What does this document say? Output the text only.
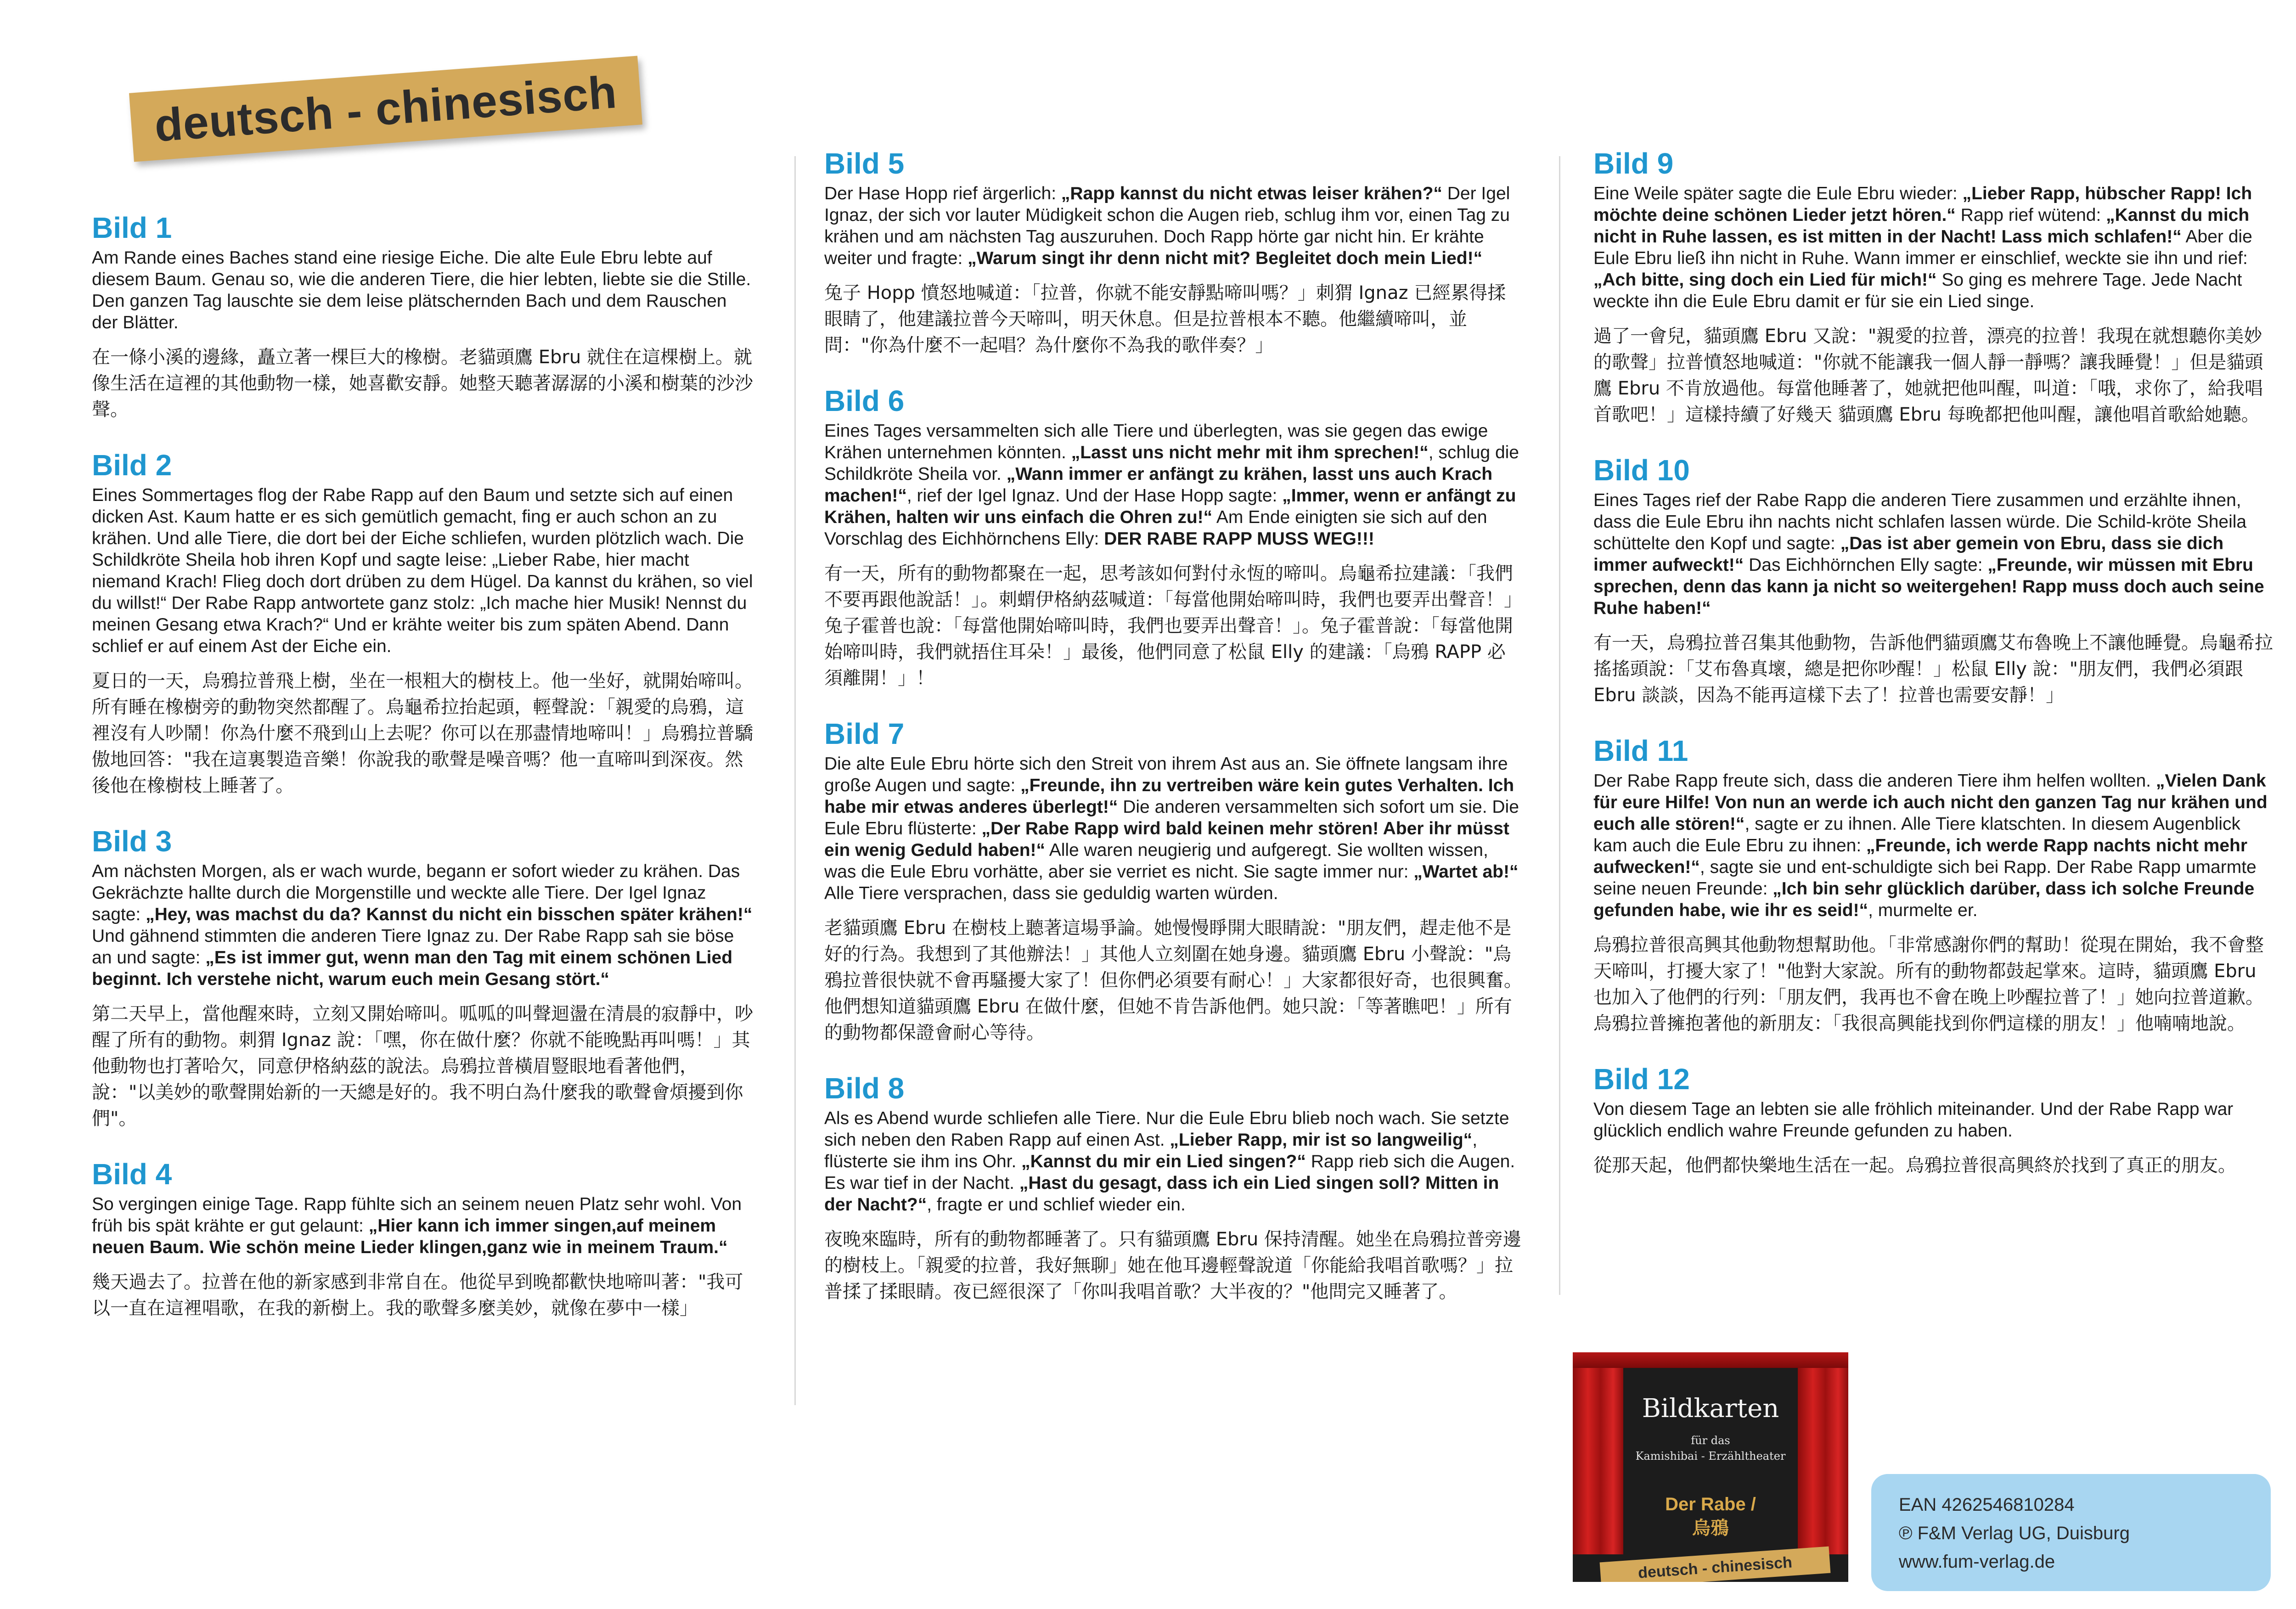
deutsch - chinesisch
Bild 1

Am Rande eines Baches stand eine riesige Eiche. Die alte Eule Ebru lebte auf diesem Baum. Genau so, wie die anderen Tiere, die hier lebten, liebte sie die Stille. Den ganzen Tag lauschte sie dem leise plätschernden Bach und dem Rauschen der Blätter.

在一條小溪的邊緣，矗立著一棵巨大的橡樹。老貓頭鷹 Ebru 就住在這棵樹上。就像生活在這裡的其他動物一樣，她喜歡安靜。她整天聽著潺潺的小溪和樹葉的沙沙聲。

Bild 2

Eines Sommertages flog der Rabe Rapp auf den Baum und setzte sich auf einen dicken Ast. Kaum hatte er es sich gemütlich gemacht, fing er auch schon an zu krähen. Und alle Tiere, die dort bei der Eiche schliefen, wurden plötzlich wach. Die Schildkröte Sheila hob ihren Kopf und sagte leise: „Lieber Rabe, hier macht niemand Krach! Flieg doch dort drüben zu dem Hügel. Da kannst du krähen, so viel du willst!“ Der Rabe Rapp antwortete ganz stolz: „Ich mache hier Musik! Nennst du meinen Gesang etwa Krach?“ Und er krähte weiter bis zum späten Abend. Dann schlief er auf einem Ast der Eiche ein.

夏日的一天，烏鴉拉普飛上樹，坐在一根粗大的樹枝上。他一坐好，就開始啼叫。所有睡在橡樹旁的動物突然都醒了。烏龜希拉抬起頭，輕聲說：「親愛的烏鴉，這裡沒有人吵鬧！你為什麼不飛到山上去呢？你可以在那盡情地啼叫！」烏鴉拉普驕傲地回答："我在這裏製造音樂！你說我的歌聲是噪音嗎？他一直啼叫到深夜。然後他在橡樹枝上睡著了。

Bild 3

Am nächsten Morgen, als er wach wurde, begann er sofort wieder zu krähen. Das Gekrächzte hallte durch die Morgenstille und weckte alle Tiere. Der Igel Ignaz sagte: „Hey, was machst du da? Kannst du nicht ein bisschen später krähen!“ Und gähnend stimmten die anderen Tiere Ignaz zu. Der Rabe Rapp sah sie böse an und sagte: „Es ist immer gut, wenn man den Tag mit einem schönen Lied beginnt. Ich verstehe nicht, warum euch mein Gesang stört.“

第二天早上，當他醒來時，立刻又開始啼叫。呱呱的叫聲迴盪在清晨的寂靜中，吵醒了所有的動物。刺猬 Ignaz 說：「嘿，你在做什麼？你就不能晚點再叫嗎！」其他動物也打著哈欠，同意伊格納茲的說法。烏鴉拉普橫眉豎眼地看著他們，說："以美妙的歌聲開始新的一天總是好的。我不明白為什麼我的歌聲會煩擾到你們"。

Bild 4

So vergingen einige Tage. Rapp fühlte sich an seinem neuen Platz sehr wohl. Von früh bis spät krähte er gut gelaunt: „Hier kann ich immer singen,auf meinem neuen Baum. Wie schön meine Lieder klingen,ganz wie in meinem Traum.“

幾天過去了。拉普在他的新家感到非常自在。他從早到晚都歡快地啼叫著："我可以一直在這裡唱歌，在我的新樹上。我的歌聲多麼美妙，就像在夢中一樣」

Bild 5

Der Hase Hopp rief ärgerlich: „Rapp kannst du nicht etwas leiser krähen?“ Der Igel Ignaz, der sich vor lauter Müdigkeit schon die Augen rieb, schlug ihm vor, einen Tag zu krähen und am nächsten Tag auszuruhen. Doch Rapp hörte gar nicht hin. Er krähte weiter und fragte: „Warum singt ihr denn nicht mit? Begleitet doch mein Lied!“

兔子 Hopp 憤怒地喊道：「拉普，你就不能安靜點啼叫嗎？」刺猬 Ignaz 已經累得揉眼睛了，他建議拉普今天啼叫，明天休息。但是拉普根本不聽。他繼續啼叫，並問："你為什麼不一起唱？為什麼你不為我的歌伴奏？」

Bild 6

Eines Tages versammelten sich alle Tiere und überlegten, was sie gegen das ewige Krähen unternehmen könnten. „Lasst uns nicht mehr mit ihm sprechen!“, schlug die Schildkröte Sheila vor. „Wann immer er anfängt zu krähen, lasst uns auch Krach machen!“, rief der Igel Ignaz. Und der Hase Hopp sagte: „Immer, wenn er anfängt zu Krähen, halten wir uns einfach die Ohren zu!“ Am Ende einigten sie sich auf den Vorschlag des Eichhörnchens Elly: DER RABE RAPP MUSS WEG!!!

有一天，所有的動物都聚在一起，思考該如何對付永恆的啼叫。烏龜希拉建議：「我們不要再跟他說話！」。刺蝟伊格納茲喊道：「每當他開始啼叫時，我們也要弄出聲音！」兔子霍普也說：「每當他開始啼叫時，我們也要弄出聲音！」。兔子霍普說：「每當他開始啼叫時，我們就捂住耳朵！」最後，他們同意了松鼠 Elly 的建議：「烏鴉 RAPP 必須離開！」！

Bild 7

Die alte Eule Ebru hörte sich den Streit von ihrem Ast aus an. Sie öffnete langsam ihre große Augen und sagte: „Freunde, ihn zu vertreiben wäre kein gutes Verhalten. Ich habe mir etwas anderes überlegt!“ Die anderen versammelten sich sofort um sie. Die Eule Ebru flüsterte: „Der Rabe Rapp wird bald keinen mehr stören! Aber ihr müsst ein wenig Geduld haben!“ Alle waren neugierig und aufgeregt. Sie wollten wissen, was die Eule Ebru vorhätte, aber sie verriet es nicht. Sie sagte immer nur: „Wartet ab!“ Alle Tiere versprachen, dass sie geduldig warten würden.

老貓頭鷹 Ebru 在樹枝上聽著這場爭論。她慢慢睜開大眼睛說："朋友們，趕走他不是好的行為。我想到了其他辦法！」其他人立刻圍在她身邊。貓頭鷹 Ebru 小聲說："烏鴉拉普很快就不會再騷擾大家了！但你們必須要有耐心！」大家都很好奇，也很興奮。他們想知道貓頭鷹 Ebru 在做什麼，但她不肯告訴他們。她只說：「等著瞧吧！」所有的動物都保證會耐心等待。

Bild 8

Als es Abend wurde schliefen alle Tiere. Nur die Eule Ebru blieb noch wach. Sie setzte sich neben den Raben Rapp auf einen Ast. „Lieber Rapp, mir ist so langweilig“, flüsterte sie ihm ins Ohr. „Kannst du mir ein Lied singen?“ Rapp rieb sich die Augen. Es war tief in der Nacht. „Hast du gesagt, dass ich ein Lied singen soll? Mitten in der Nacht?“, fragte er und schlief wieder ein.

夜晚來臨時，所有的動物都睡著了。只有貓頭鷹 Ebru 保持清醒。她坐在烏鴉拉普旁邊的樹枝上。「親愛的拉普，我好無聊」她在他耳邊輕聲說道「你能給我唱首歌嗎？」拉普揉了揉眼睛。夜已經很深了「你叫我唱首歌？大半夜的？"他問完又睡著了。

Bild 9

Eine Weile später sagte die Eule Ebru wieder: „Lieber Rapp, hübscher Rapp! Ich möchte deine schönen Lieder jetzt hören.“ Rapp rief wütend: „Kannst du mich nicht in Ruhe lassen, es ist mitten in der Nacht! Lass mich schlafen!“ Aber die Eule Ebru ließ ihn nicht in Ruhe. Wann immer er einschlief, weckte sie ihn und rief: „Ach bitte, sing doch ein Lied für mich!“ So ging es mehrere Tage. Jede Nacht weckte ihn die Eule Ebru damit er für sie ein Lied singe.

過了一會兒，貓頭鷹 Ebru 又說："親愛的拉普，漂亮的拉普！我現在就想聽你美妙的歌聲」拉普憤怒地喊道："你就不能讓我一個人靜一靜嗎？讓我睡覺！」但是貓頭鷹 Ebru 不肯放過他。每當他睡著了，她就把他叫醒，叫道：「哦，求你了，給我唱首歌吧！」這樣持續了好幾天 貓頭鷹 Ebru 每晚都把他叫醒，讓他唱首歌給她聽。

Bild 10

Eines Tages rief der Rabe Rapp die anderen Tiere zusammen und erzählte ihnen, dass die Eule Ebru ihn nachts nicht schlafen lassen würde. Die Schild-kröte Sheila schüttelte den Kopf und sagte: „Das ist aber gemein von Ebru, dass sie dich immer aufweckt!“ Das Eichhörnchen Elly sagte: „Freunde, wir müssen mit Ebru sprechen, denn das kann ja nicht so weitergehen! Rapp muss doch auch seine Ruhe haben!“

有一天，烏鴉拉普召集其他動物，告訴他們貓頭鷹艾布魯晚上不讓他睡覺。烏龜希拉搖搖頭說：「艾布魯真壞，總是把你吵醒！」松鼠 Elly 說："朋友們，我們必須跟 Ebru 談談，因為不能再這樣下去了！拉普也需要安靜！」

Bild 11

Der Rabe Rapp freute sich, dass die anderen Tiere ihm helfen wollten. „Vielen Dank für eure Hilfe! Von nun an werde ich auch nicht den ganzen Tag nur krähen und euch alle stören!“, sagte er zu ihnen. Alle Tiere klatschten. In diesem Augenblick kam auch die Eule Ebru zu ihnen: „Freunde, ich werde Rapp nachts nicht mehr aufwecken!“, sagte sie und ent-schuldigte sich bei Rapp. Der Rabe Rapp umarmte seine neuen Freunde: „Ich bin sehr glücklich darüber, dass ich solche Freunde gefunden habe, wie ihr es seid!“, murmelte er.

烏鴉拉普很高興其他動物想幫助他。「非常感謝你們的幫助！從現在開始，我不會整天啼叫，打擾大家了！"他對大家說。所有的動物都鼓起掌來。這時，貓頭鷹 Ebru 也加入了他們的行列：「朋友們，我再也不會在晚上吵醒拉普了！」她向拉普道歉。烏鴉拉普擁抱著他的新朋友：「我很高興能找到你們這樣的朋友！」他喃喃地說。

Bild 12

Von diesem Tage an lebten sie alle fröhlich miteinander. Und der Rabe Rapp war glücklich endlich wahre Freunde gefunden zu haben.

從那天起，他們都快樂地生活在一起。烏鴉拉普很高興終於找到了真正的朋友。

Bildkarten
für das
Kamishibai - Erzähltheater
Der Rabe /
烏鴉
deutsch - chinesisch
EAN 4262546810284
℗ F&M Verlag UG, Duisburg
www.fum-verlag.de
